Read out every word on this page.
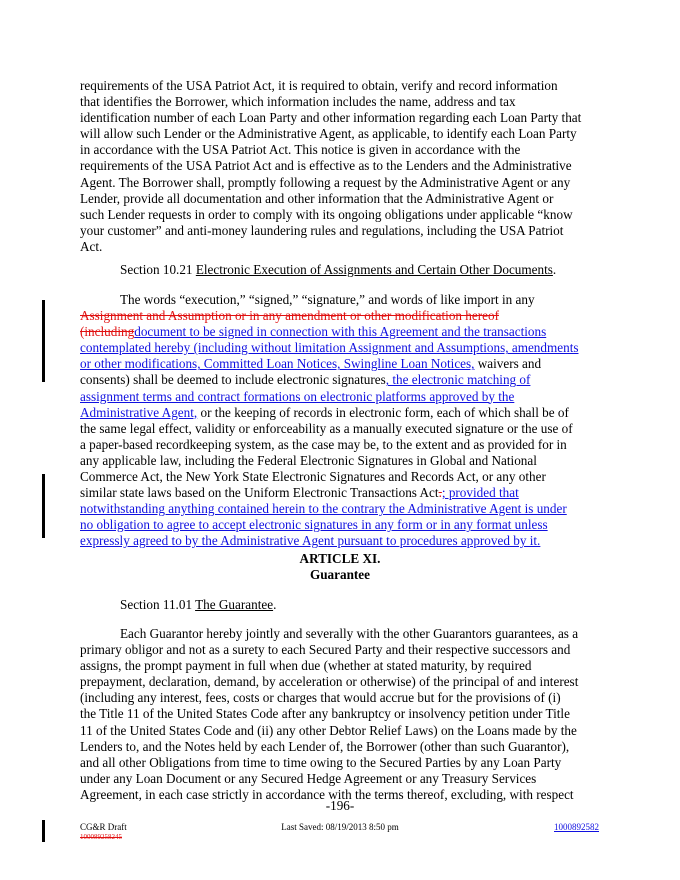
requirements of the USA Patriot Act, it is required to obtain, verify and record information
that identifies the Borrower, which information includes the name, address and tax
identification number of each Loan Party and other information regarding each Loan Party that
will allow such Lender or the Administrative Agent, as applicable, to identify each Loan Party
in accordance with the USA Patriot Act. This notice is given in accordance with the
requirements of the USA Patriot Act and is effective as to the Lenders and the Administrative
Agent. The Borrower shall, promptly following a request by the Administrative Agent or any
Lender, provide all documentation and other information that the Administrative Agent or
such Lender requests in order to comply with its ongoing obligations under applicable “know
your customer” and anti-money laundering rules and regulations, including the USA Patriot
Act.
Section 10.21 Electronic Execution of Assignments and Certain Other Documents.
The words “execution,” “signed,” “signature,” and words of like import in any
Assignment and Assumption or in any amendment or other modification hereof
(includingdocument to be signed in connection with this Agreement and the transactions
contemplated hereby (including without limitation Assignment and Assumptions, amendments
or other modifications, Committed Loan Notices, Swingline Loan Notices, waivers and
consents) shall be deemed to include electronic signatures, the electronic matching of
assignment terms and contract formations on electronic platforms approved by the
Administrative Agent, or the keeping of records in electronic form, each of which shall be of
the same legal effect, validity or enforceability as a manually executed signature or the use of
a paper-based recordkeeping system, as the case may be, to the extent and as provided for in
any applicable law, including the Federal Electronic Signatures in Global and National
Commerce Act, the New York State Electronic Signatures and Records Act, or any other
similar state laws based on the Uniform Electronic Transactions Act.; provided that
notwithstanding anything contained herein to the contrary the Administrative Agent is under
no obligation to agree to accept electronic signatures in any form or in any format unless
expressly agreed to by the Administrative Agent pursuant to procedures approved by it.
ARTICLE XI.
Guarantee
Section 11.01 The Guarantee.
Each Guarantor hereby jointly and severally with the other Guarantors guarantees, as a
primary obligor and not as a surety to each Secured Party and their respective successors and
assigns, the prompt payment in full when due (whether at stated maturity, by required
prepayment, declaration, demand, by acceleration or otherwise) of the principal of and interest
(including any interest, fees, costs or charges that would accrue but for the provisions of (i)
the Title 11 of the United States Code after any bankruptcy or insolvency petition under Title
11 of the United States Code and (ii) any other Debtor Relief Laws) on the Loans made by the
Lenders to, and the Notes held by each Lender of, the Borrower (other than such Guarantor),
and all other Obligations from time to time owing to the Secured Parties by any Loan Party
under any Loan Document or any Secured Hedge Agreement or any Treasury Services
Agreement, in each case strictly in accordance with the terms thereof, excluding, with respect
-196-
CG&R Draft
100089258245
Last Saved: 08/19/2013 8:50 pm	1000892582
